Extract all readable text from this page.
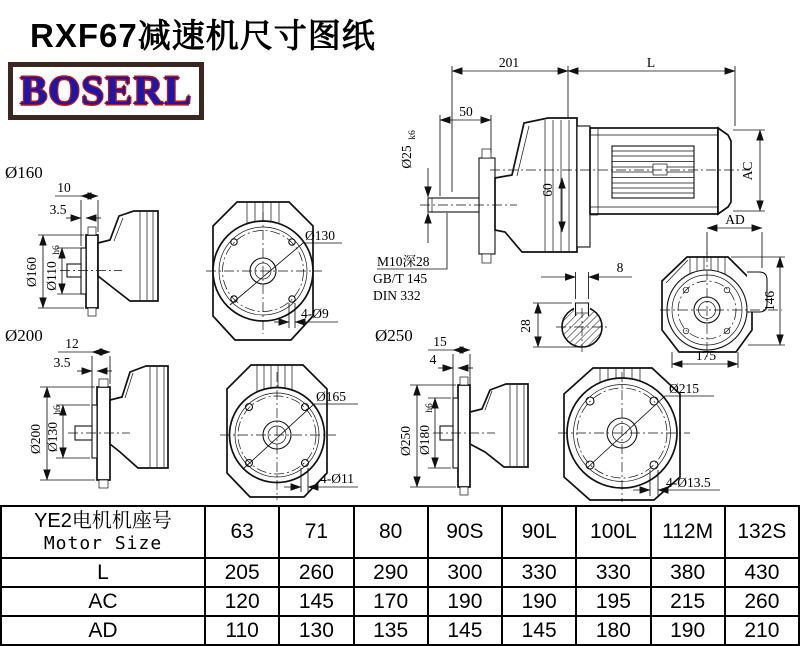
RXF67减速机尺寸图纸
BOSERL
201	L
50
Ø25
k6
60
AC
AD
M10深28
GB/T 145
DIN 332
8
28
146
175
Ø160
10
3.5
Ø160 Ø110
h6
Ø130
4-Ø9
Ø200 12
3.5
Ø200 Ø130
h6
Ø165
4-Ø11
Ø250 15
4
Ø250 Ø180
h6
Ø215
4-Ø13.5
YE2电机机座号
Motor Size	63	71	80	90S	90L	100L	112M	132S
L	205	260	290	300	330	330	380	430
AC	120	145	170	190	190	195	215	260
AD	110	130	135	145	145	180	190	210
